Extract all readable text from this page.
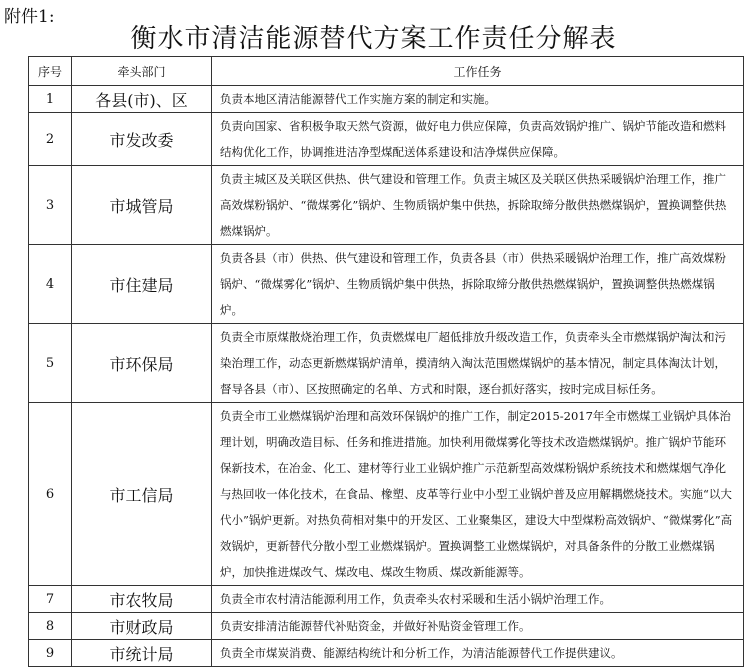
附件1:
衡水市清洁能源替代方案工作责任分解表
序号	牵头部门	工作任务
1	各县(市)、区	负责本地区清洁能源替代工作实施方案的制定和实施。
2	市发改委	负责向国家、省积极争取天然气资源，做好电力供应保障，负责高效锅炉推广、锅炉节能改造和燃料结构优化工作，协调推进洁净型煤配送体系建设和洁净煤供应保障。
3	市城管局	负责主城区及关联区供热、供气建设和管理工作。负责主城区及关联区供热采暖锅炉治理工作，推广高效煤粉锅炉、“微煤雾化”锅炉、生物质锅炉集中供热，拆除取缔分散供热燃煤锅炉，置换调整供热燃煤锅炉。
4	市住建局	负责各县（市）供热、供气建设和管理工作，负责各县（市）供热采暖锅炉治理工作，推广高效煤粉锅炉、“微煤雾化”锅炉、生物质锅炉集中供热，拆除取缔分散供热燃煤锅炉，置换调整供热燃煤锅炉。
5	市环保局	负责全市原煤散烧治理工作，负责燃煤电厂超低排放升级改造工作，负责牵头全市燃煤锅炉淘汰和污染治理工作，动态更新燃煤锅炉清单，摸清纳入淘汰范围燃煤锅炉的基本情况，制定具体淘汰计划，督导各县（市）、区按照确定的名单、方式和时限，逐台抓好落实，按时完成目标任务。
6	市工信局	负责全市工业燃煤锅炉治理和高效环保锅炉的推广工作，制定2015-2017年全市燃煤工业锅炉具体治理计划，明确改造目标、任务和推进措施。加快利用微煤雾化等技术改造燃煤锅炉。推广锅炉节能环保新技术，在冶金、化工、建材等行业工业锅炉推广示范新型高效煤粉锅炉系统技术和燃煤烟气净化与热回收一体化技术，在食品、橡塑、皮革等行业中小型工业锅炉普及应用解耦燃烧技术。实施“以大代小”锅炉更新。对热负荷相对集中的开发区、工业聚集区，建设大中型煤粉高效锅炉、“微煤雾化”高效锅炉，更新替代分散小型工业燃煤锅炉。置换调整工业燃煤锅炉，对具备条件的分散工业燃煤锅炉，加快推进煤改气、煤改电、煤改生物质、煤改新能源等。
7	市农牧局	负责全市农村清洁能源利用工作，负责牵头农村采暖和生活小锅炉治理工作。
8	市财政局	负责安排清洁能源替代补贴资金，并做好补贴资金管理工作。
9	市统计局	负责全市煤炭消费、能源结构统计和分析工作，为清洁能源替代工作提供建议。
